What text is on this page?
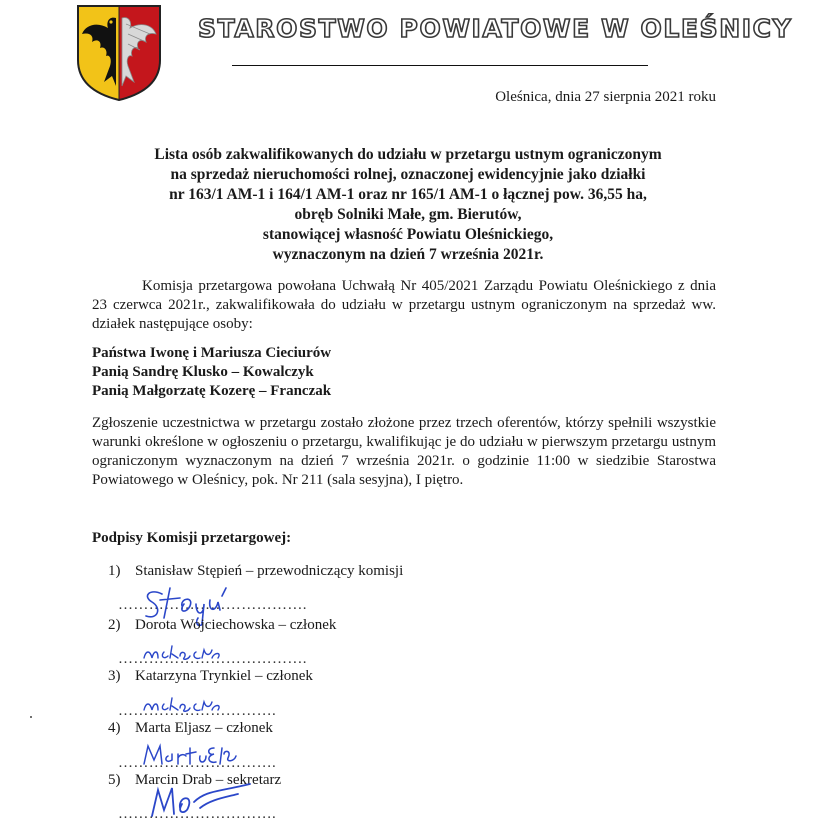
STAROSTWO POWIATOWE W OLEŚNICY
Oleśnica, dnia 27 sierpnia 2021 roku
Lista osób zakwalifikowanych do udziału w przetargu ustnym ograniczonym
na sprzedaż nieruchomości rolnej, oznaczonej ewidencyjnie jako działki
nr 163/1 AM-1 i 164/1 AM-1 oraz nr 165/1 AM-1 o łącznej pow. 36,55 ha,
obręb Solniki Małe, gm. Bierutów,
stanowiącej własność Powiatu Oleśnickiego,
wyznaczonym na dzień 7 września 2021r.

Komisja przetargowa powołana Uchwałą Nr 405/2021 Zarządu Powiatu Oleśnickiego z dnia 23 czerwca 2021r., zakwalifikowała do udziału w przetargu ustnym ograniczonym na sprzedaż ww. działek następujące osoby:

Państwa Iwonę i Mariusza Cieciurów
Panią Sandrę Klusko – Kowalczyk
Panią Małgorzatę Kozerę – Franczak

Zgłoszenie uczestnictwa w przetargu zostało złożone przez trzech oferentów, którzy spełnili wszystkie warunki określone w ogłoszeniu o przetargu, kwalifikując je do udziału w pierwszym przetargu ustnym ograniczonym wyznaczonym na dzień 7 września 2021r. o godzinie 11:00 w siedzibie Starostwa Powiatowego w Oleśnicy, pok. Nr 211 (sala sesyjna), I piętro.

Podpisy Komisji przetargowej:
1) Stanisław Stępień – przewodniczący komisji
……………………………….
2) Dorota Wojciechowska – członek
……………………………….
3) Katarzyna Trynkiel – członek
………………………….
4) Marta Eljasz – członek
………………………….
5) Marcin Drab – sekretarz
………………………….
